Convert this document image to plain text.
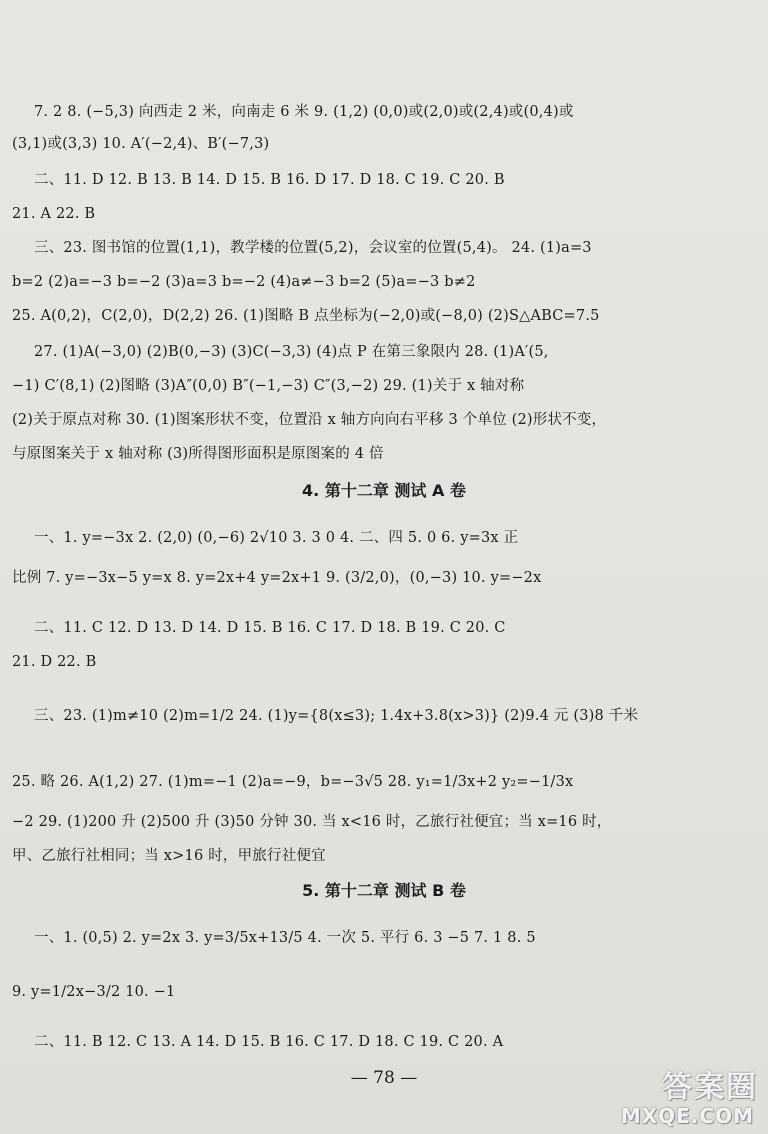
7. 2 8. (−5,3) 向西走 2 米，向南走 6 米 9. (1,2) (0,0)或(2,0)或(2,4)或(0,4)或
(3,1)或(3,3) 10. A′(−2,4)、B′(−7,3)
二、11. D 12. B 13. B 14. D 15. B 16. D 17. D 18. C 19. C 20. B
21. A 22. B
三、23. 图书馆的位置(1,1)，教学楼的位置(5,2)，会议室的位置(5,4)。 24. (1)a=3
b=2 (2)a=−3 b=−2 (3)a=3 b=−2 (4)a≠−3 b=2 (5)a=−3 b≠2
25. A(0,2)，C(2,0)，D(2,2) 26. (1)图略 B 点坐标为(−2,0)或(−8,0) (2)S△ABC=7.5
27. (1)A(−3,0) (2)B(0,−3) (3)C(−3,3) (4)点 P 在第三象限内 28. (1)A′(5,
−1) C′(8,1) (2)图略 (3)A″(0,0) B″(−1,−3) C″(3,−2) 29. (1)关于 x 轴对称
(2)关于原点对称 30. (1)图案形状不变，位置沿 x 轴方向向右平移 3 个单位 (2)形状不变，
与原图案关于 x 轴对称 (3)所得图形面积是原图案的 4 倍
4. 第十二章 测试 A 卷
一、1. y=−3x 2. (2,0) (0,−6) 2√10 3. 3 0 4. 二、四 5. 0 6. y=3x 正
比例 7. y=−3x−5 y=x 8. y=2x+4 y=2x+1 9. (3/2,0)，(0,−3) 10. y=−2x
二、11. C 12. D 13. D 14. D 15. B 16. C 17. D 18. B 19. C 20. C
21. D 22. B
三、23. (1)m≠10 (2)m=1/2 24. (1)y={8(x≤3); 1.4x+3.8(x>3)} (2)9.4 元 (3)8 千米
25. 略 26. A(1,2) 27. (1)m=−1 (2)a=−9，b=−3√5 28. y₁=1/3x+2 y₂=−1/3x
−2 29. (1)200 升 (2)500 升 (3)50 分钟 30. 当 x<16 时，乙旅行社便宜；当 x=16 时，
甲、乙旅行社相同；当 x>16 时，甲旅行社便宜
5. 第十二章 测试 B 卷
一、1. (0,5) 2. y=2x 3. y=3/5x+13/5 4. 一次 5. 平行 6. 3 −5 7. 1 8. 5
9. y=1/2x−3/2 10. −1
二、11. B 12. C 13. A 14. D 15. B 16. C 17. D 18. C 19. C 20. A
— 78 —	答案圈
MXQE.COM
